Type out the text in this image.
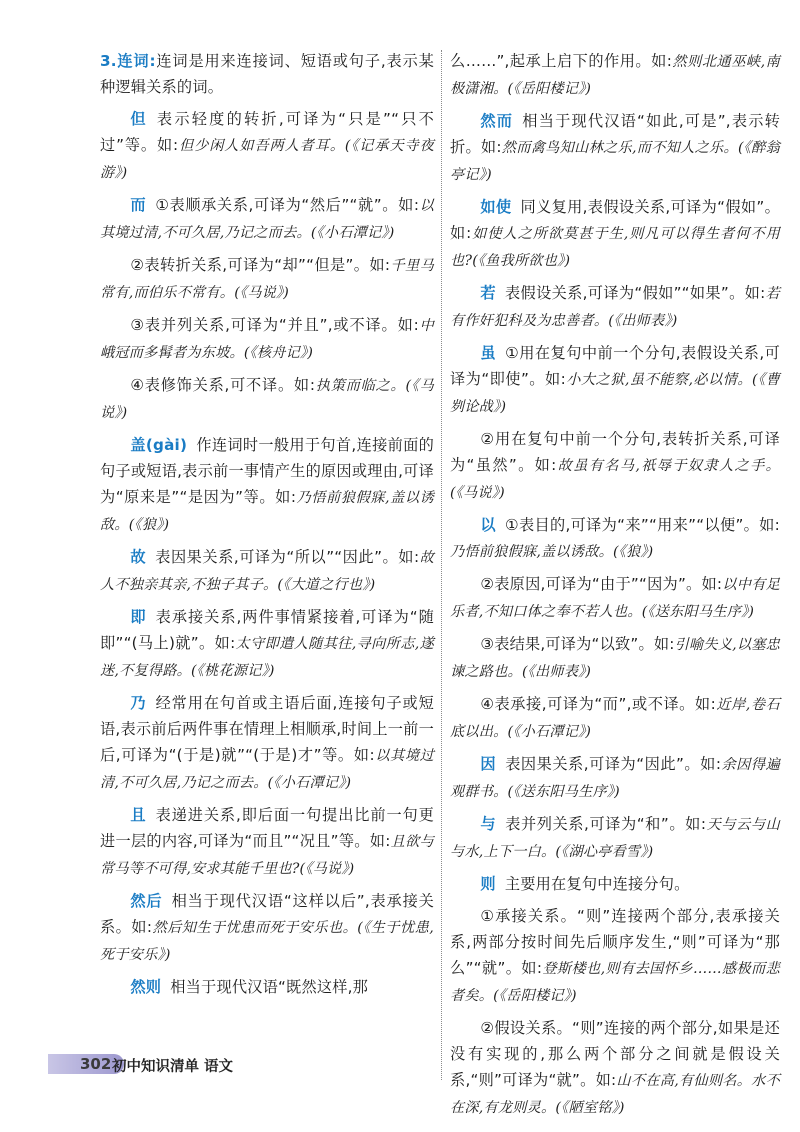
3.连词:连词是用来连接词、短语或句子,表示某种逻辑关系的词。

但 表示轻度的转折,可译为“只是”“只不过”等。如:但少闲人如吾两人者耳。(《记承天寺夜游》)

而 ①表顺承关系,可译为“然后”“就”。如:以其境过清,不可久居,乃记之而去。(《小石潭记》)

②表转折关系,可译为“却”“但是”。如:千里马常有,而伯乐不常有。(《马说》)

③表并列关系,可译为“并且”,或不译。如:中峨冠而多髯者为东坡。(《核舟记》)

④表修饰关系,可不译。如:执策而临之。(《马说》)

盖(gài) 作连词时一般用于句首,连接前面的句子或短语,表示前一事情产生的原因或理由,可译为“原来是”“是因为”等。如:乃悟前狼假寐,盖以诱敌。(《狼》)

故 表因果关系,可译为“所以”“因此”。如:故人不独亲其亲,不独子其子。(《大道之行也》)

即 表承接关系,两件事情紧接着,可译为“随即”“(马上)就”。如:太守即遣人随其往,寻向所志,遂迷,不复得路。(《桃花源记》)

乃 经常用在句首或主语后面,连接句子或短语,表示前后两件事在情理上相顺承,时间上一前一后,可译为“(于是)就”“(于是)才”等。如:以其境过清,不可久居,乃记之而去。(《小石潭记》)

且 表递进关系,即后面一句提出比前一句更进一层的内容,可译为“而且”“况且”等。如:且欲与常马等不可得,安求其能千里也?(《马说》)

然后 相当于现代汉语“这样以后”,表承接关系。如:然后知生于忧患而死于安乐也。(《生于忧患,死于安乐》)

然则 相当于现代汉语“既然这样,那

么……”,起承上启下的作用。如:然则北通巫峡,南极潇湘。(《岳阳楼记》)

然而 相当于现代汉语“如此,可是”,表示转折。如:然而禽鸟知山林之乐,而不知人之乐。(《醉翁亭记》)

如使 同义复用,表假设关系,可译为“假如”。如:如使人之所欲莫甚于生,则凡可以得生者何不用也?(《鱼我所欲也》)

若 表假设关系,可译为“假如”“如果”。如:若有作奸犯科及为忠善者。(《出师表》)

虽 ①用在复句中前一个分句,表假设关系,可译为“即使”。如:小大之狱,虽不能察,必以情。(《曹刿论战》)

②用在复句中前一个分句,表转折关系,可译为“虽然”。如:故虽有名马,祇辱于奴隶人之手。(《马说》)

以 ①表目的,可译为“来”“用来”“以便”。如:乃悟前狼假寐,盖以诱敌。(《狼》)

②表原因,可译为“由于”“因为”。如:以中有足乐者,不知口体之奉不若人也。(《送东阳马生序》)

③表结果,可译为“以致”。如:引喻失义,以塞忠谏之路也。(《出师表》)

④表承接,可译为“而”,或不译。如:近岸,卷石底以出。(《小石潭记》)

因 表因果关系,可译为“因此”。如:余因得遍观群书。(《送东阳马生序》)

与 表并列关系,可译为“和”。如:天与云与山与水,上下一白。(《湖心亭看雪》)

则 主要用在复句中连接分句。

①承接关系。“则”连接两个部分,表承接关系,两部分按时间先后顺序发生,“则”可译为“那么”“就”。如:登斯楼也,则有去国怀乡……感极而悲者矣。(《岳阳楼记》)

②假设关系。“则”连接的两个部分,如果是还没有实现的,那么两个部分之间就是假设关系,“则”可译为“就”。如:山不在高,有仙则名。水不在深,有龙则灵。(《陋室铭》)

302 初中知识清单 语文
